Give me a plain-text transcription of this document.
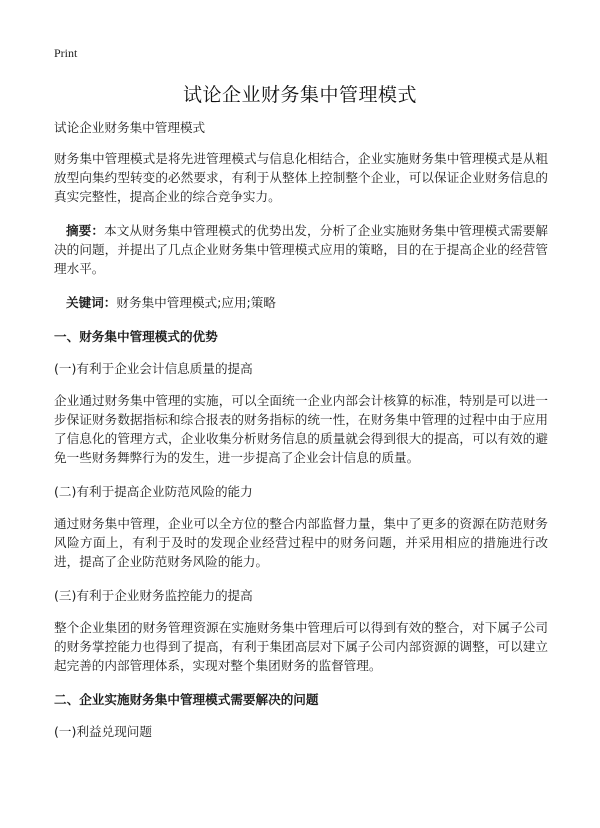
Print
试论企业财务集中管理模式

试论企业财务集中管理模式

财务集中管理模式是将先进管理模式与信息化相结合，企业实施财务集中管理模式是从粗放型向集约型转变的必然要求，有利于从整体上控制整个企业，可以保证企业财务信息的真实完整性，提高企业的综合竞争实力。

摘要：本文从财务集中管理模式的优势出发，分析了企业实施财务集中管理模式需要解决的问题，并提出了几点企业财务集中管理模式应用的策略，目的在于提高企业的经营管理水平。

关键词：财务集中管理模式;应用;策略

一、财务集中管理模式的优势
(一)有利于企业会计信息质量的提高

企业通过财务集中管理的实施，可以全面统一企业内部会计核算的标准，特别是可以进一步保证财务数据指标和综合报表的财务指标的统一性，在财务集中管理的过程中由于应用了信息化的管理方式，企业收集分析财务信息的质量就会得到很大的提高，可以有效的避免一些财务舞弊行为的发生，进一步提高了企业会计信息的质量。

(二)有利于提高企业防范风险的能力

通过财务集中管理，企业可以全方位的整合内部监督力量，集中了更多的资源在防范财务风险方面上，有利于及时的发现企业经营过程中的财务问题，并采用相应的措施进行改进，提高了企业防范财务风险的能力。

(三)有利于企业财务监控能力的提高

整个企业集团的财务管理资源在实施财务集中管理后可以得到有效的整合，对下属子公司的财务掌控能力也得到了提高，有利于集团高层对下属子公司内部资源的调整，可以建立起完善的内部管理体系，实现对整个集团财务的监督管理。

二、企业实施财务集中管理模式需要解决的问题
(一)利益兑现问题
